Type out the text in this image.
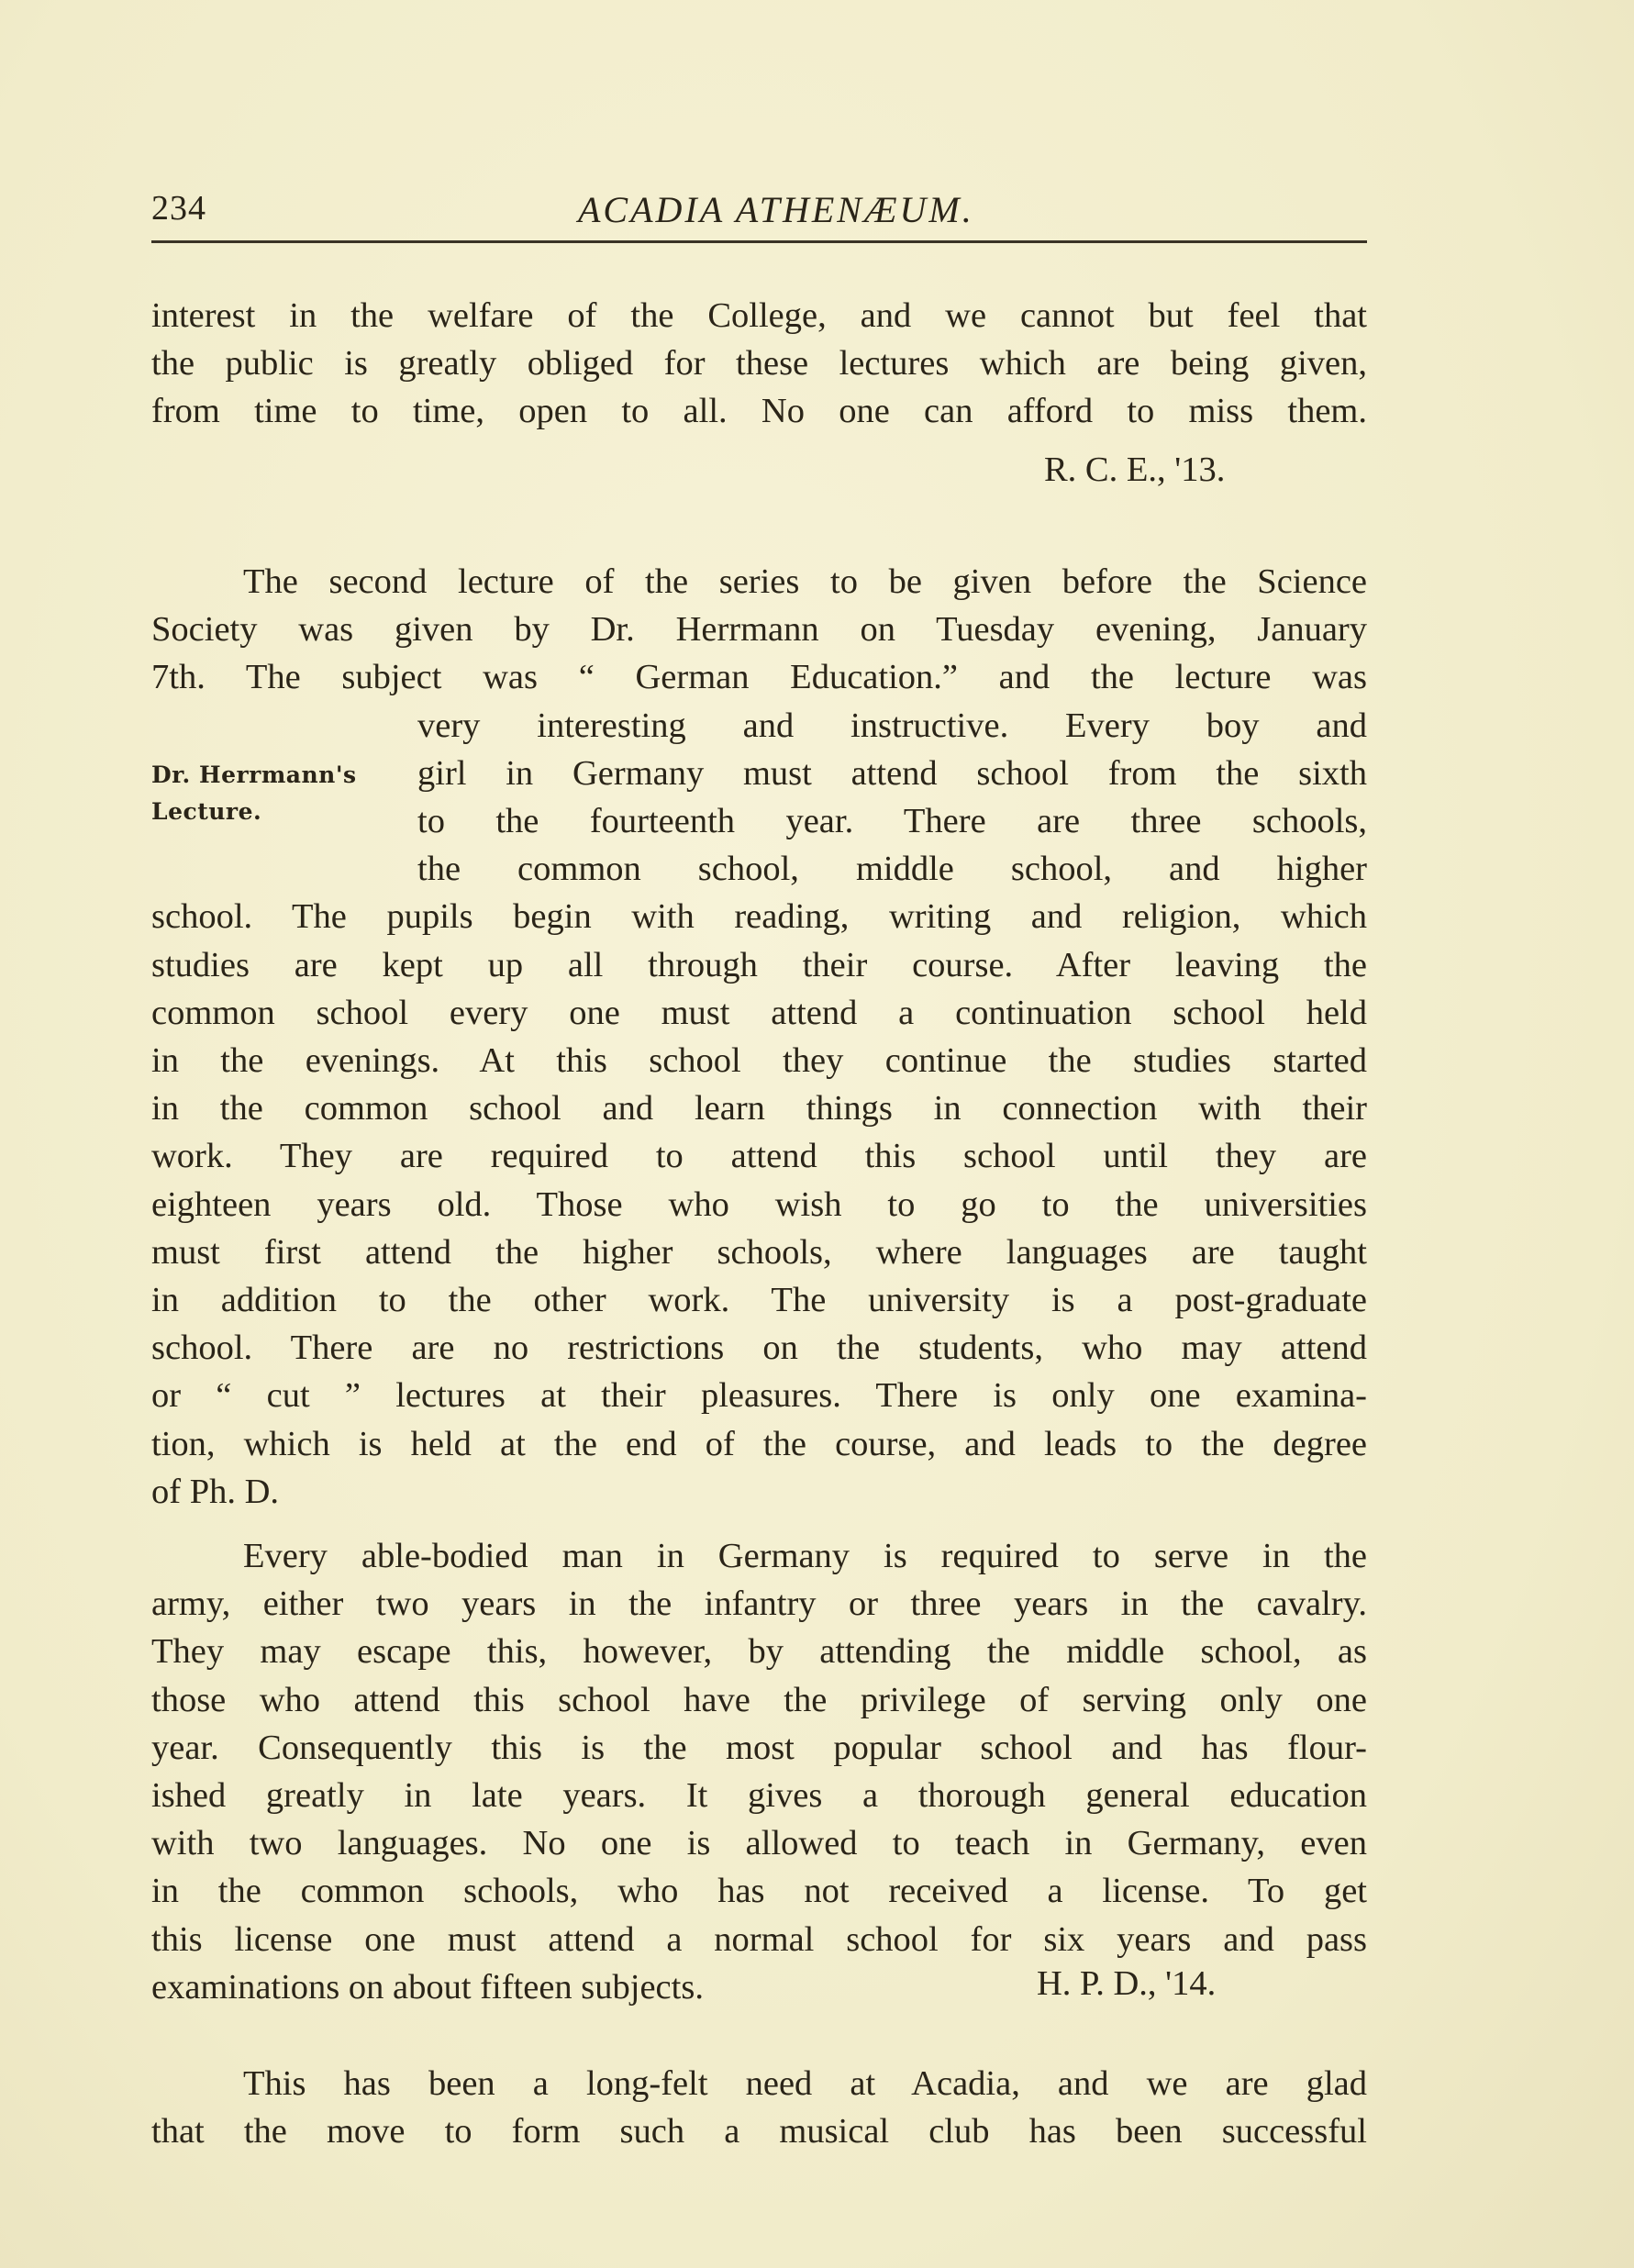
234	ACADIA ATHENÆUM.
interest in the welfare of the College, and we cannot but feel that
the public is greatly obliged for these lectures which are being given,
from time to time, open to all. No one can afford to miss them.
R. C. E., '13.
The second lecture of the series to be given before the Science
Society was given by Dr. Herrmann on Tuesday evening, January
7th. The subject was “ German Education.” and the lecture was
very interesting and instructive. Every boy and
girl in Germany must attend school from the sixth
to the fourteenth year. There are three schools,
the common school, middle school, and higher
school. The pupils begin with reading, writing and religion, which
studies are kept up all through their course. After leaving the
common school every one must attend a continuation school held
in the evenings. At this school they continue the studies started
in the common school and learn things in connection with their
work. They are required to attend this school until they are
eighteen years old. Those who wish to go to the universities
must first attend the higher schools, where languages are taught
in addition to the other work. The university is a post-graduate
school. There are no restrictions on the students, who may attend
or “ cut ” lectures at their pleasures. There is only one examina-
tion, which is held at the end of the course, and leads to the degree
of Ph. D.
Dr. Herrmann's
Lecture.
Every able-bodied man in Germany is required to serve in the
army, either two years in the infantry or three years in the cavalry.
They may escape this, however, by attending the middle school, as
those who attend this school have the privilege of serving only one
year. Consequently this is the most popular school and has flour-
ished greatly in late years. It gives a thorough general education
with two languages. No one is allowed to teach in Germany, even
in the common schools, who has not received a license. To get
this license one must attend a normal school for six years and pass
examinations on about fifteen subjects.	H. P. D., '14.
This has been a long-felt need at Acadia, and we are glad
that the move to form such a musical club has been successful
